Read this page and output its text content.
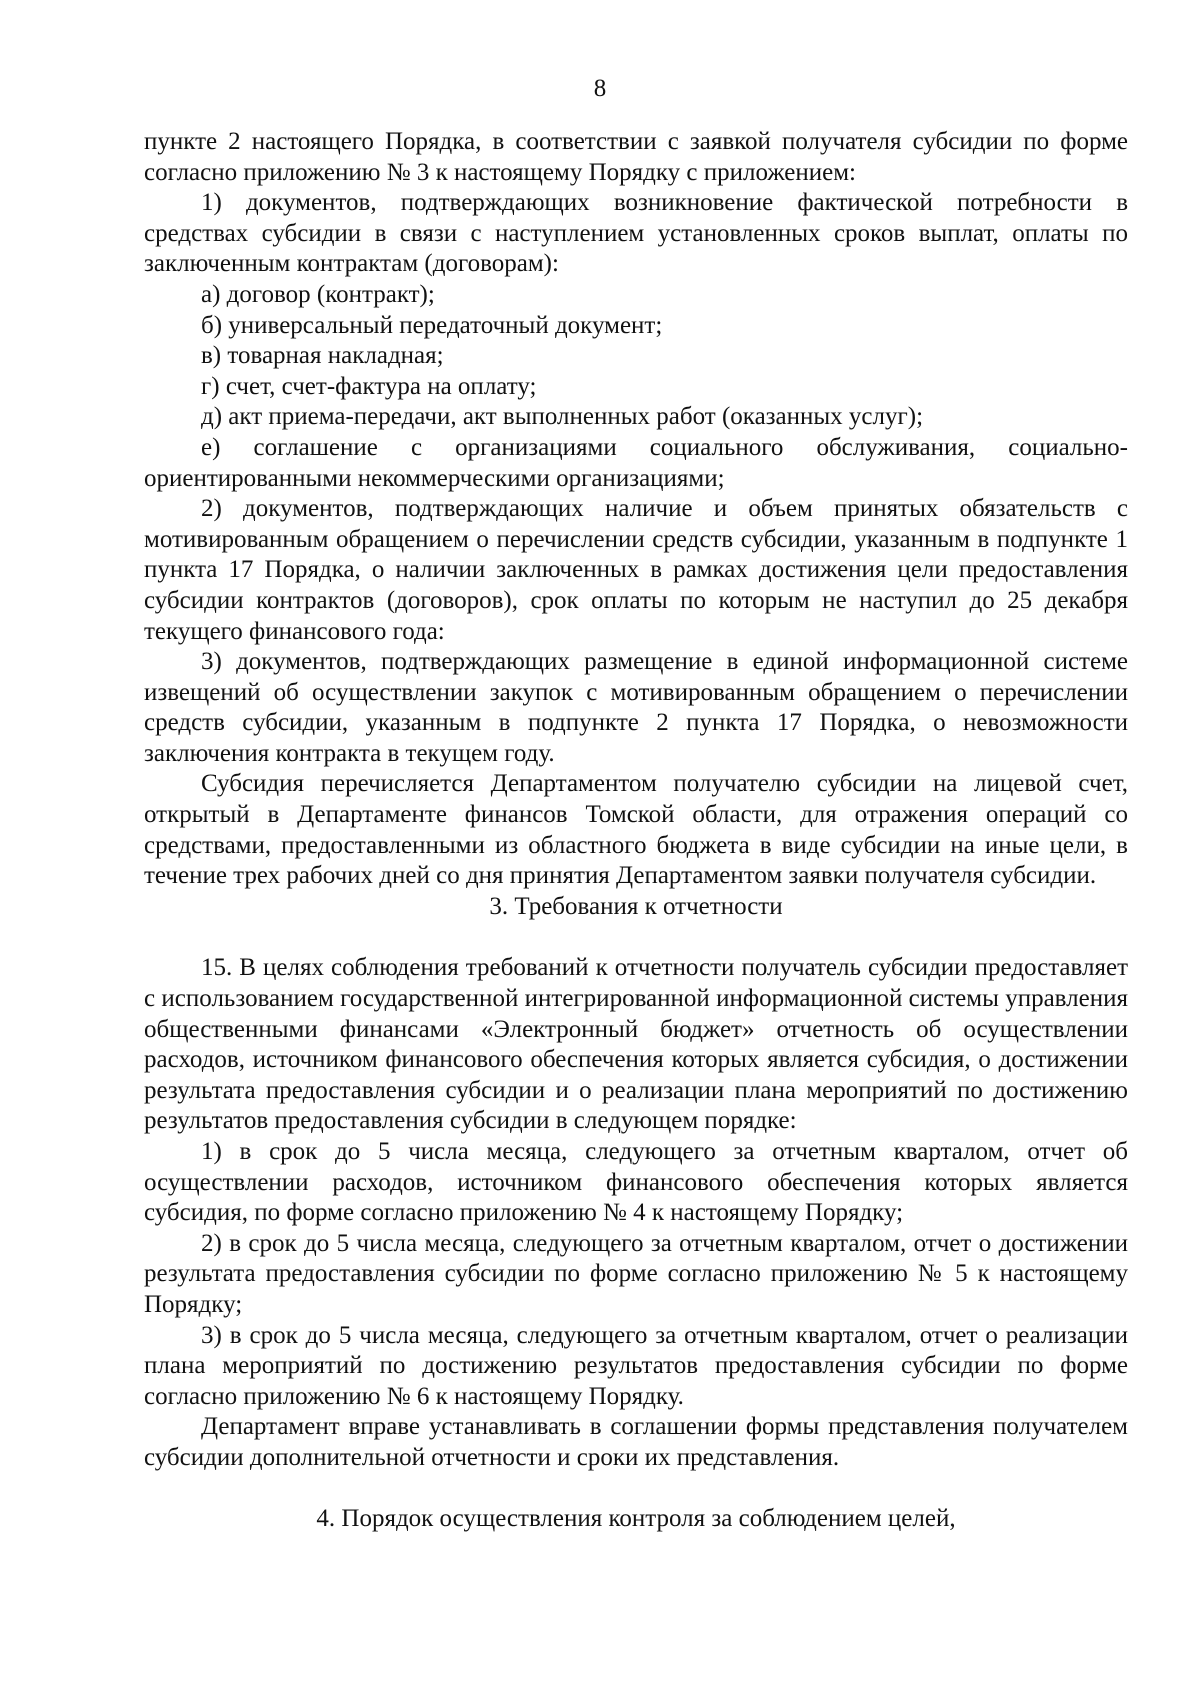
8

пункте 2 настоящего Порядка, в соответствии с заявкой получателя субсидии по форме согласно приложению № 3 к настоящему Порядку с приложением:

1) документов, подтверждающих возникновение фактической потребности в средствах субсидии в связи с наступлением установленных сроков выплат, оплаты по заключенным контрактам (договорам):

а) договор (контракт);

б) универсальный передаточный документ;

в) товарная накладная;

г) счет, счет-фактура на оплату;

д) акт приема-передачи, акт выполненных работ (оказанных услуг);

е) соглашение с организациями социального обслуживания, социально-ориентированными некоммерческими организациями;

2) документов, подтверждающих наличие и объем принятых обязательств с мотивированным обращением о перечислении средств субсидии, указанным в подпункте 1 пункта 17 Порядка, о наличии заключенных в рамках достижения цели предоставления субсидии контрактов (договоров), срок оплаты по которым не наступил до 25 декабря текущего финансового года:

3) документов, подтверждающих размещение в единой информационной системе извещений об осуществлении закупок с мотивированным обращением о перечислении средств субсидии, указанным в подпункте 2 пункта 17 Порядка, о невозможности заключения контракта в текущем году.

Субсидия перечисляется Департаментом получателю субсидии на лицевой счет, открытый в Департаменте финансов Томской области, для отражения операций со средствами, предоставленными из областного бюджета в виде субсидии на иные цели, в течение трех рабочих дней со дня принятия Департаментом заявки получателя субсидии.

3. Требования к отчетности

15. В целях соблюдения требований к отчетности получатель субсидии предоставляет с использованием государственной интегрированной информационной системы управления общественными финансами «Электронный бюджет» отчетность об осуществлении расходов, источником финансового обеспечения которых является субсидия, о достижении результата предоставления субсидии и о реализации плана мероприятий по достижению результатов предоставления субсидии в следующем порядке:

1) в срок до 5 числа месяца, следующего за отчетным кварталом, отчет об осуществлении расходов, источником финансового обеспечения которых является субсидия, по форме согласно приложению № 4 к настоящему Порядку;

2) в срок до 5 числа месяца, следующего за отчетным кварталом, отчет о достижении результата предоставления субсидии по форме согласно приложению № 5 к настоящему Порядку;

3) в срок до 5 числа месяца, следующего за отчетным кварталом, отчет о реализации плана мероприятий по достижению результатов предоставления субсидии по форме согласно приложению № 6 к настоящему Порядку.

Департамент вправе устанавливать в соглашении формы представления получателем субсидии дополнительной отчетности и сроки их представления.

4. Порядок осуществления контроля за соблюдением целей,
